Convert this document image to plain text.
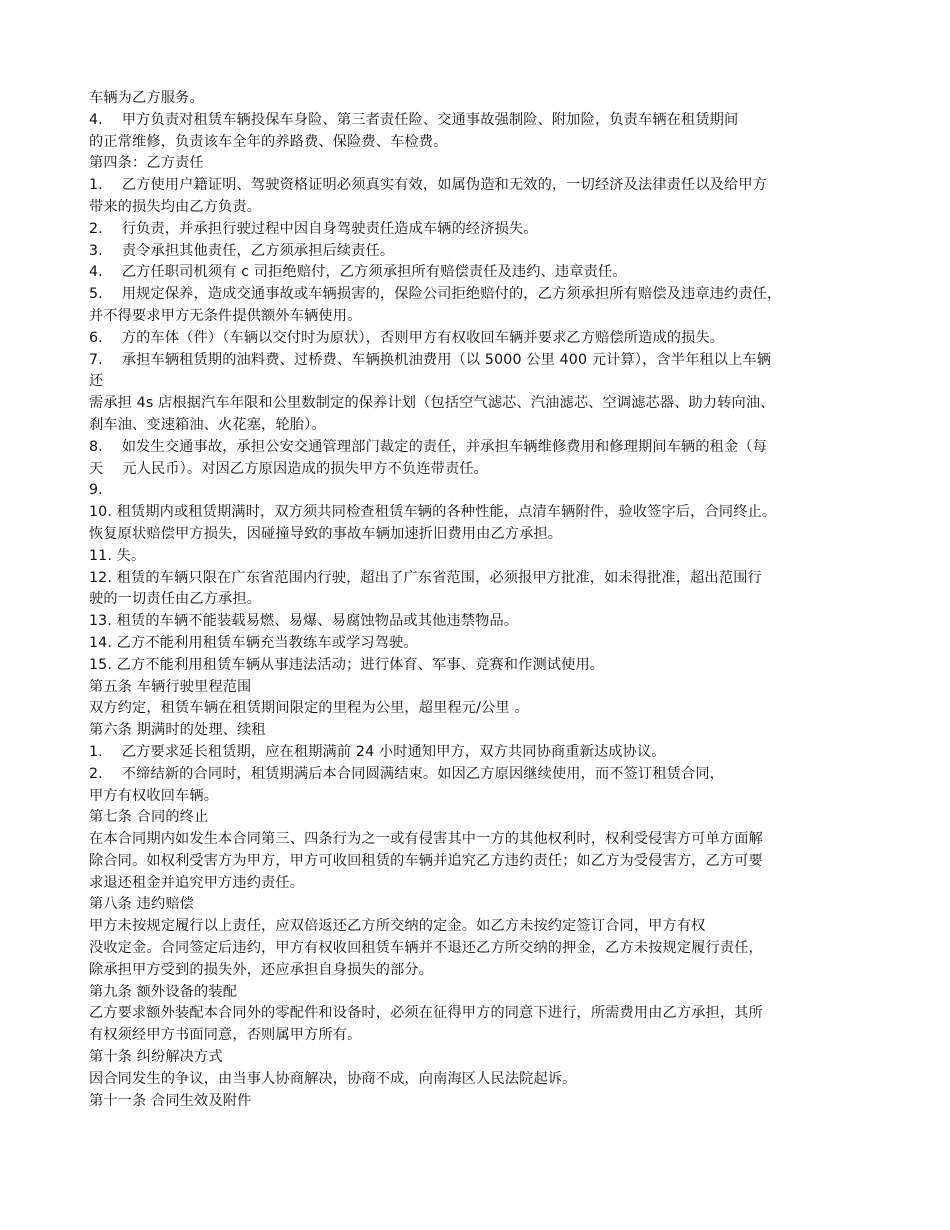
车辆为乙方服务。
4.　 甲方负责对租赁车辆投保车身险、第三者责任险、交通事故强制险、附加险，负责车辆在租赁期间
的正常维修，负责该车全年的养路费、保险费、车检费。
第四条：乙方责任
1.　 乙方使用户籍证明、驾驶资格证明必须真实有效，如属伪造和无效的，一切经济及法律责任以及给甲方
带来的损失均由乙方负责。
2.　 行负责，并承担行驶过程中因自身驾驶责任造成车辆的经济损失。
3.　 责令承担其他责任，乙方须承担后续责任。
4.　 乙方任职司机须有 c 司拒绝赔付，乙方须承担所有赔偿责任及违约、违章责任。
5.　 用规定保养，造成交通事故或车辆损害的，保险公司拒绝赔付的，乙方须承担所有赔偿及违章违约责任，
并不得要求甲方无条件提供额外车辆使用。
6.　 方的车体（件）（车辆以交付时为原状），否则甲方有权收回车辆并要求乙方赔偿所造成的损失。
7.　 承担车辆租赁期的油料费、过桥费、车辆换机油费用（以 5000 公里 400 元计算），含半年租以上车辆
还
需承担 4s 店根据汽车年限和公里数制定的保养计划（包括空气滤芯、汽油滤芯、空调滤芯器、助力转向油、
刹车油、变速箱油、火花塞，轮胎）。
8.　 如发生交通事故，承担公安交通管理部门裁定的责任，并承担车辆维修费用和修理期间车辆的租金（每
天　 元人民币）。对因乙方原因造成的损失甲方不负连带责任。
9.
10. 租赁期内或租赁期满时，双方须共同检查租赁车辆的各种性能，点清车辆附件，验收签字后，合同终止。
恢复原状赔偿甲方损失，因碰撞导致的事故车辆加速折旧费用由乙方承担。
11. 失。
12. 租赁的车辆只限在广东省范围内行驶，超出了广东省范围，必须报甲方批准，如未得批准，超出范围行
驶的一切责任由乙方承担。
13. 租赁的车辆不能装载易燃、易爆、易腐蚀物品或其他违禁物品。
14. 乙方不能利用租赁车辆充当教练车或学习驾驶。
15. 乙方不能利用租赁车辆从事违法活动；进行体育、军事、竞赛和作测试使用。
第五条 车辆行驶里程范围
双方约定，租赁车辆在租赁期间限定的里程为公里，超里程元/公里 。
第六条 期满时的处理、续租
1.　 乙方要求延长租赁期，应在租期满前 24 小时通知甲方，双方共同协商重新达成协议。
2.　 不缔结新的合同时，租赁期满后本合同圆满结束。如因乙方原因继续使用，而不签订租赁合同，
甲方有权收回车辆。
第七条 合同的终止
在本合同期内如发生本合同第三、四条行为之一或有侵害其中一方的其他权利时，权利受侵害方可单方面解
除合同。如权利受害方为甲方，甲方可收回租赁的车辆并追究乙方违约责任；如乙方为受侵害方，乙方可要
求退还租金并追究甲方违约责任。
第八条 违约赔偿
甲方未按规定履行以上责任，应双倍返还乙方所交纳的定金。如乙方未按约定签订合同，甲方有权
没收定金。合同签定后违约，甲方有权收回租赁车辆并不退还乙方所交纳的押金，乙方未按规定履行责任，
除承担甲方受到的损失外，还应承担自身损失的部分。
第九条 额外设备的装配
乙方要求额外装配本合同外的零配件和设备时，必须在征得甲方的同意下进行，所需费用由乙方承担，其所
有权须经甲方书面同意，否则属甲方所有。
第十条 纠纷解决方式
因合同发生的争议，由当事人协商解决，协商不成，向南海区人民法院起诉。
第十一条 合同生效及附件
